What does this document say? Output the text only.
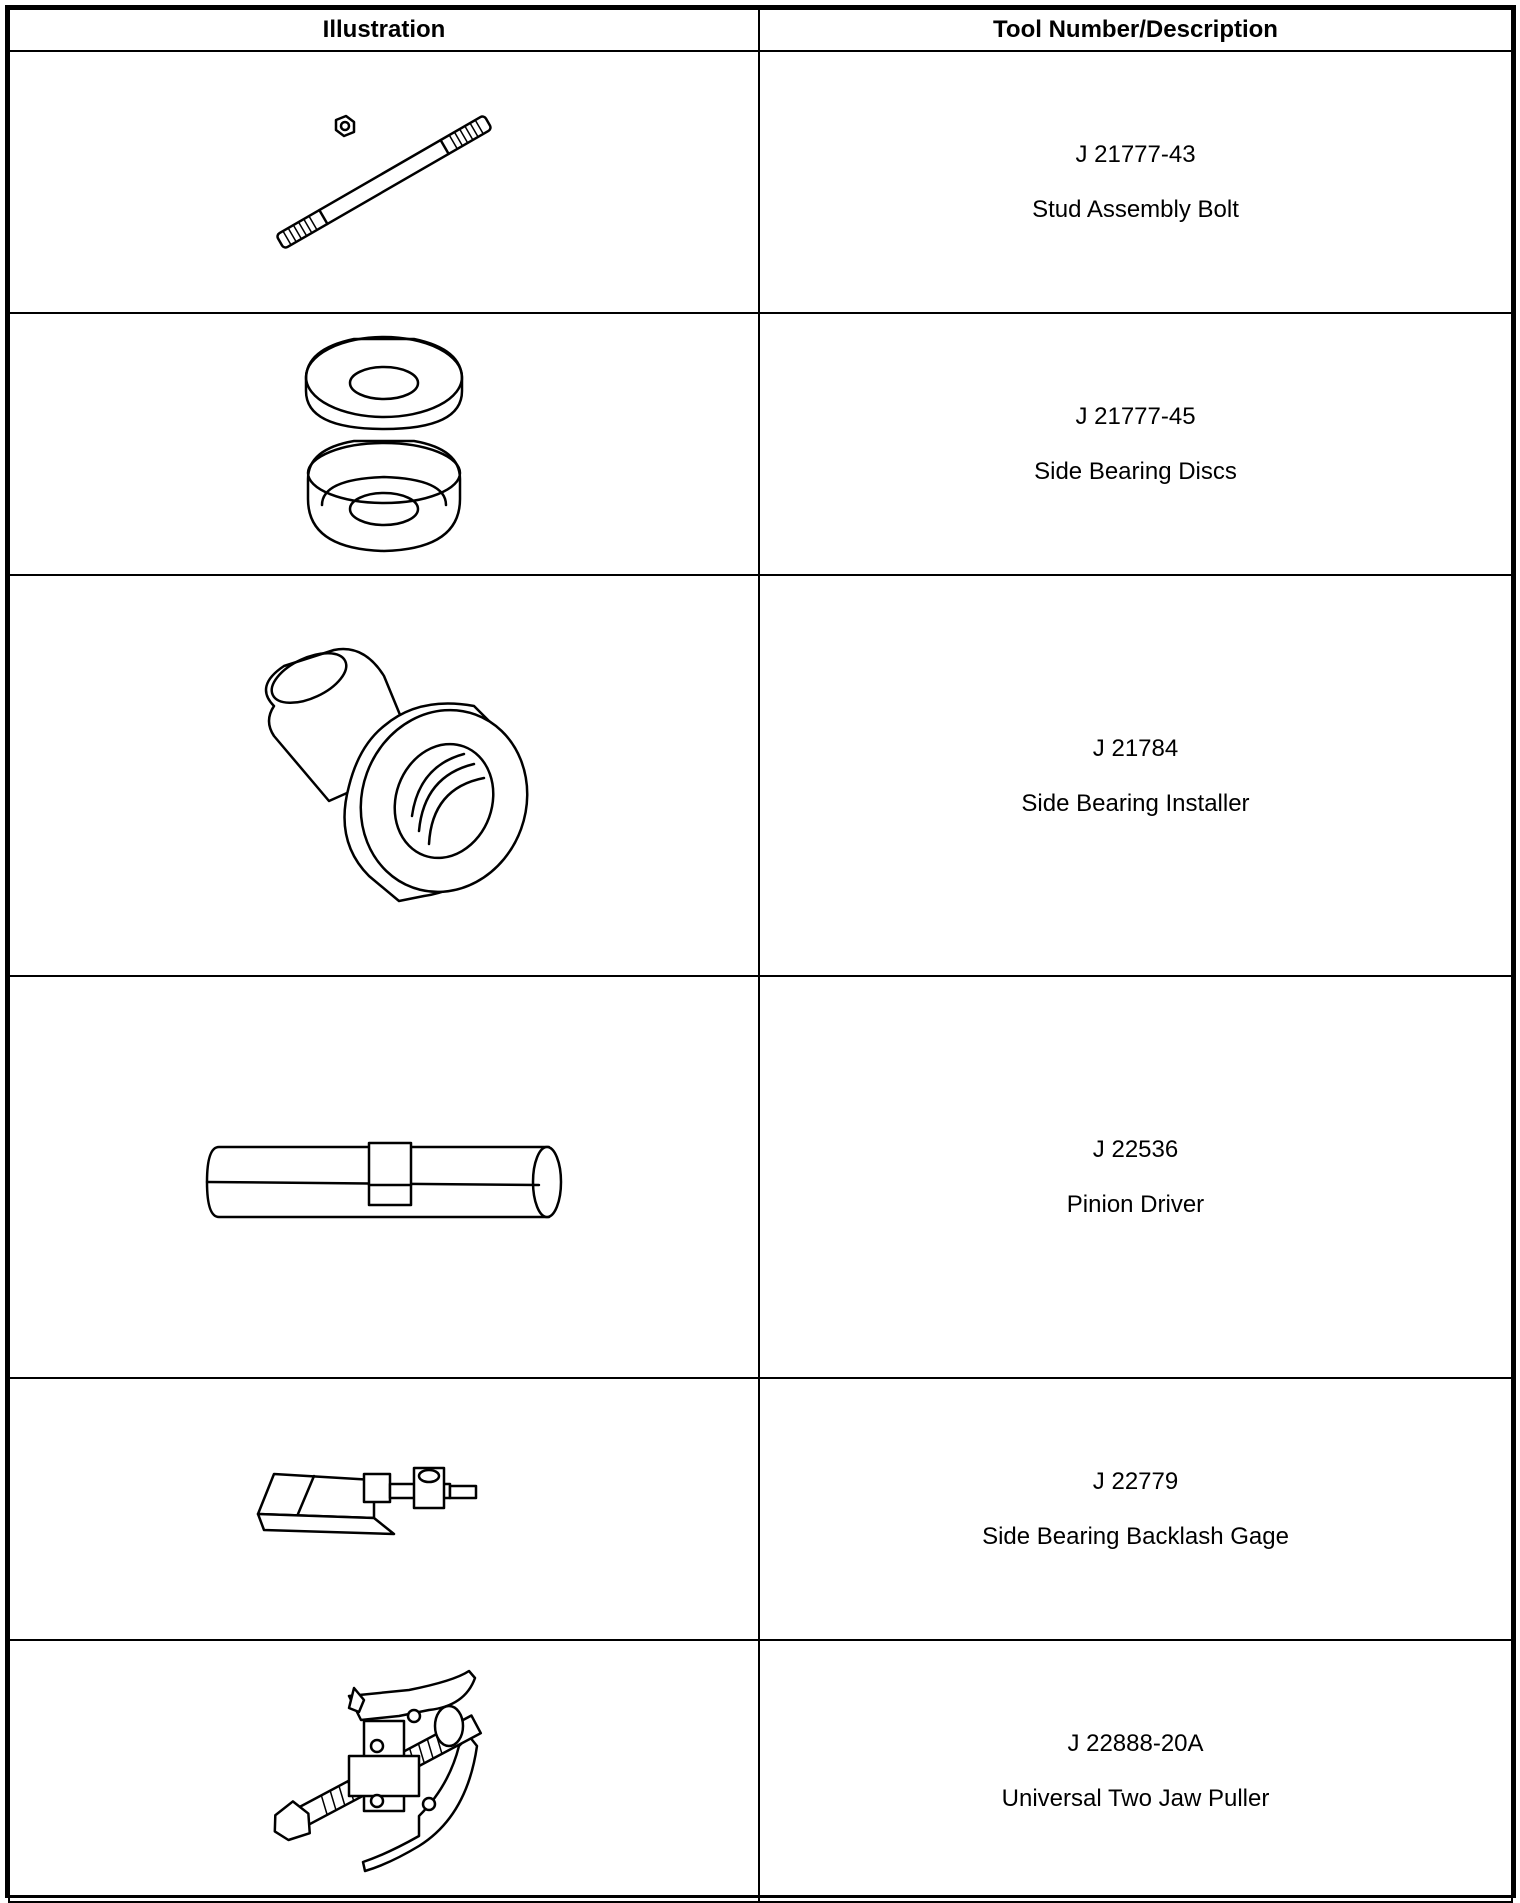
Illustration	Tool Number/Description

J 21777-43
Stud Assembly Bolt

J 21777-45
Side Bearing Discs

J 21784
Side Bearing Installer

J 22536
Pinion Driver

J 22779
Side Bearing Backlash Gage

J 22888-20A
Universal Two Jaw Puller
